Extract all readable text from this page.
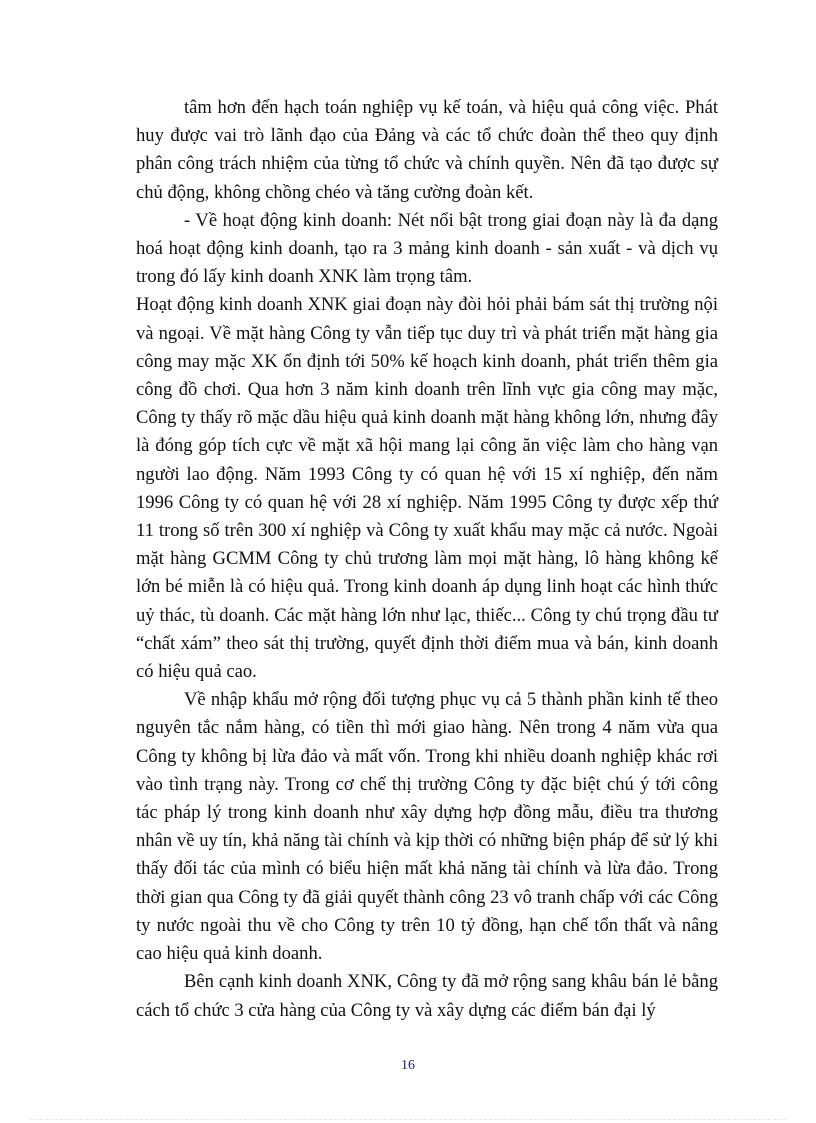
tâm hơn đến hạch toán nghiệp vụ kế toán, và hiệu quả công việc. Phát huy được vai trò lãnh đạo của Đảng và các tổ chức đoàn thể theo quy định phân công trách nhiệm của từng tổ chức và chính quyền. Nên đã tạo được sự chủ động, không chồng chéo và tăng cường đoàn kết.

- Về hoạt động kinh doanh: Nét nổi bật trong giai đoạn này là đa dạng hoá hoạt động kinh doanh, tạo ra 3 mảng kinh doanh - sản xuất - và dịch vụ trong đó lấy kinh doanh XNK làm trọng tâm.

Hoạt động kinh doanh XNK giai đoạn này đòi hỏi phải bám sát thị trường nội và ngoại. Về mặt hàng Công ty vẫn tiếp tục duy trì và phát triển mặt hàng gia công may mặc XK ổn định tới 50% kế hoạch kinh doanh, phát triển thêm gia công đồ chơi. Qua hơn 3 năm kinh doanh trên lĩnh vực gia công may mặc, Công ty thấy rõ mặc dầu hiệu quả kinh doanh mặt hàng không lớn, nhưng đây là đóng góp tích cực về mặt xã hội mang lại công ăn việc làm cho hàng vạn người lao động. Năm 1993 Công ty có quan hệ với 15 xí nghiệp, đến năm 1996 Công ty có quan hệ với 28 xí nghiệp. Năm 1995 Công ty được xếp thứ 11 trong số trên 300 xí nghiệp và Công ty xuất khẩu may mặc cả nước. Ngoài mặt hàng GCMM Công ty chủ trương làm mọi mặt hàng, lô hàng không kể lớn bé miễn là có hiệu quả. Trong kinh doanh áp dụng linh hoạt các hình thức uỷ thác, tù doanh. Các mặt hàng lớn như lạc, thiếc... Công ty chú trọng đầu tư “chất xám” theo sát thị trường, quyết định thời điểm mua và bán, kinh doanh có hiệu quả cao.

Về nhập khẩu mở rộng đối tượng phục vụ cả 5 thành phần kinh tế theo nguyên tắc nắm hàng, có tiền thì mới giao hàng. Nên trong 4 năm vừa qua Công ty không bị lừa đảo và mất vốn. Trong khi nhiều doanh nghiệp khác rơi vào tình trạng này. Trong cơ chế thị trường Công ty đặc biệt chú ý tới công tác pháp lý trong kinh doanh như xây dựng hợp đồng mẫu, điều tra thương nhân về uy tín, khả năng tài chính và kịp thời có những biện pháp để sử lý khi thấy đối tác của mình có biểu hiện mất khả năng tài chính và lừa đảo. Trong thời gian qua Công ty đã giải quyết thành công 23 vô tranh chấp với các Công ty nước ngoài thu về cho Công ty trên 10 tỷ đồng, hạn chế tổn thất và nâng cao hiệu quả kinh doanh.

Bên cạnh kinh doanh XNK, Công ty đã mở rộng sang khâu bán lẻ bằng cách tổ chức 3 cửa hàng của Công ty và xây dựng các điểm bán đại lý

16
